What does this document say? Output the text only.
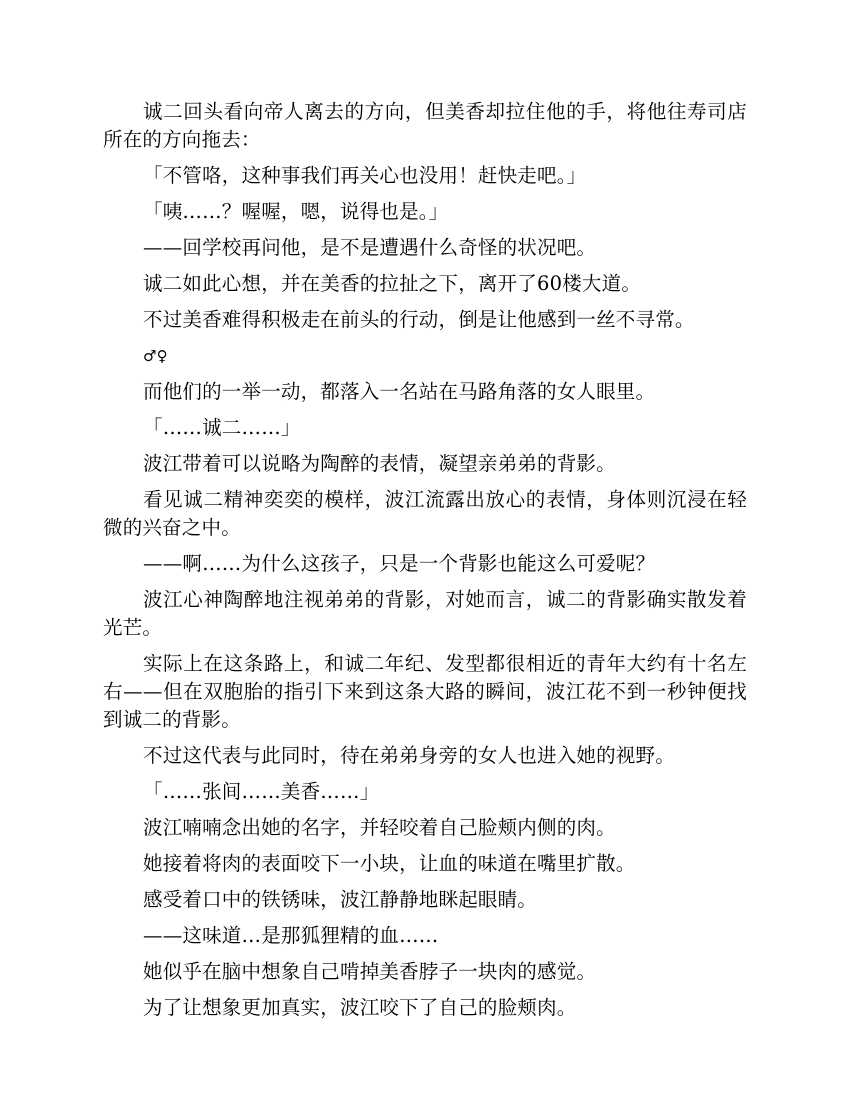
诚二回头看向帝人离去的方向，但美香却拉住他的手，将他往寿司店所在的方向拖去：

「不管咯，这种事我们再关心也没用！赶快走吧。」

「咦……？喔喔，嗯，说得也是。」

——回学校再问他，是不是遭遇什么奇怪的状况吧。

诚二如此心想，并在美香的拉扯之下，离开了60楼大道。

不过美香难得积极走在前头的行动，倒是让他感到一丝不寻常。

♂♀

而他们的一举一动，都落入一名站在马路角落的女人眼里。

「……诚二……」

波江带着可以说略为陶醉的表情，凝望亲弟弟的背影。

看见诚二精神奕奕的模样，波江流露出放心的表情，身体则沉浸在轻微的兴奋之中。

——啊……为什么这孩子，只是一个背影也能这么可爱呢？

波江心神陶醉地注视弟弟的背影，对她而言，诚二的背影确实散发着光芒。

实际上在这条路上，和诚二年纪、发型都很相近的青年大约有十名左右——但在双胞胎的指引下来到这条大路的瞬间，波江花不到一秒钟便找到诚二的背影。

不过这代表与此同时，待在弟弟身旁的女人也进入她的视野。

「……张间……美香……」

波江喃喃念出她的名字，并轻咬着自己脸颊内侧的肉。

她接着将肉的表面咬下一小块，让血的味道在嘴里扩散。

感受着口中的铁锈味，波江静静地眯起眼睛。

——这味道…是那狐狸精的血……

她似乎在脑中想象自己啃掉美香脖子一块肉的感觉。

为了让想象更加真实，波江咬下了自己的脸颊肉。
